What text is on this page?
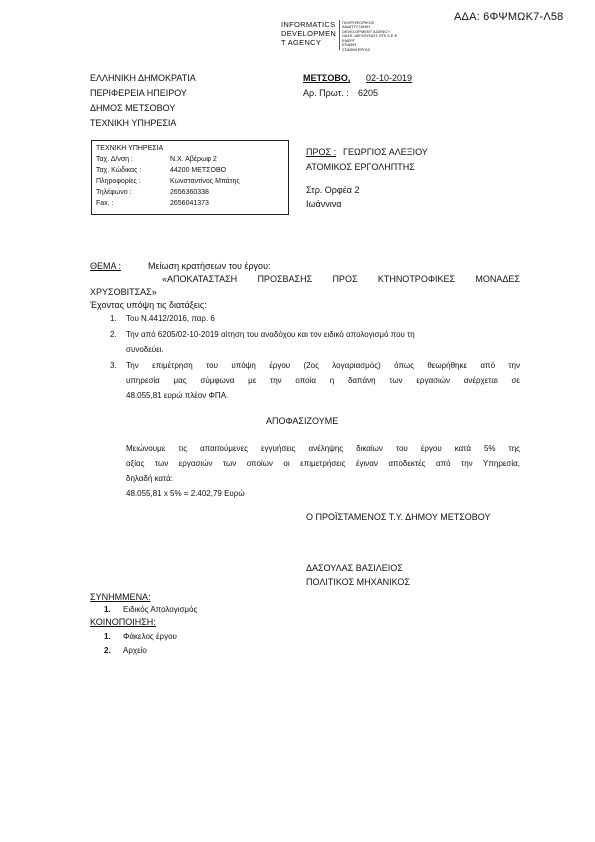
ΑΔΑ: 6ΦΨΜΩΚ7-Λ58
INFORMATICS
DEVELOPMEN
T AGENCY
ΠΛΗΡΟΦΟΡΙΚΗΣ
ΑΝΑΠΤΥΞΙΑΚΗ
DEVELOPMENT AGENCY
ΟΔΗΓ. ΔΙΕΥΘΥΝΣΗ: ΕΠΙ Χ.Ε.Ε
ΕΝΕΡΓ
ΕΠΑΦΗ
ΣΤΑΘΜΙ ΕΡΓΑΣ
ΕΛΛΗΝΙΚΗ ΔΗΜΟΚΡΑΤΙΑ
ΠΕΡΙΦΕΡΕΙΑ ΗΠΕΙΡΟΥ
ΔΗΜΟΣ ΜΕΤΣΟΒΟΥ
ΤΕΧΝΙΚΗ ΥΠΗΡΕΣΙΑ
ΜΕΤΣΟΒΟ, 02-10-2019
Αρ. Πρωτ. : 6205
ΤΕΧΝΙΚΗ ΥΠΗΡΕΣΙΑ
Ταχ. Δ/νση :	Ν.Χ. Αβέρωφ 2
Ταχ. Κώδικας :	44200 ΜΕΤΣΟΒΟ
Πληροφορίες :	Κωνσταντίνος Μπάτης
Τηλέφωνο :	2656360338
Fax. :	2656041373
ΠΡΟΣ : ΓΕΩΡΓΙΟΣ ΑΛΕΞΙΟΥ
ΑΤΟΜΙΚΟΣ ΕΡΓΟΛΗΠΤΗΣ
Στρ. Ορφέα 2
Ιωάννινα
ΘΕΜΑ :	Μείωση κρατήσεων του έργου:
«ΑΠΟΚΑΤΑΣΤΑΣΗ ΠΡΟΣΒΑΣΗΣ ΠΡΟΣ ΚΤΗΝΟΤΡΟΦΙΚΕΣ ΜΟΝΑΔΕΣ
ΧΡΥΣΟΒΙΤΣΑΣ»
Έχοντας υπόψη τις διατάξεις:
1. Του Ν.4412/2016, παρ. 6
2. Την από 6205/02-10-2019 αίτηση του αναδόχου και τον ειδικό απολογισμό που τη
συνοδεύει.
3. Την επιμέτρηση του υπόψη έργου (2ος λογαριασμός) όπως θεωρήθηκε από την
υπηρεσία μας σύμφωνα με την οποία η δαπάνη των εργασιών ανέρχεται σε
48.055,81 ευρώ πλέον ΦΠΑ.
ΑΠΟΦΑΣΙΖΟΥΜΕ
Μειώνουμε τις απαιτούμενες εγγυήσεις ανέληψης δικαίων του έργου κατά 5% της
αξίας των εργασιών των οποίων οι επιμετρήσεις έγιναν αποδεκτές από την Υπηρεσία,
δηλαδή κατά:
48.055,81 x 5% = 2.402,79 Ευρώ
Ο ΠΡΟΪΣΤΑΜΕΝΟΣ Τ.Υ. ΔΗΜΟΥ ΜΕΤΣΟΒΟΥ
ΔΑΣΟΥΛΑΣ ΒΑΣΙΛΕΙΟΣ
ΠΟΛΙΤΙΚΟΣ ΜΗΧΑΝΙΚΟΣ
ΣΥΝΗΜΜΕΝΑ:
1. Ειδικός Απολογισμός
ΚΟΙΝΟΠΟΙΗΣΗ:
1. Φάκελος έργου
2. Αρχείο
